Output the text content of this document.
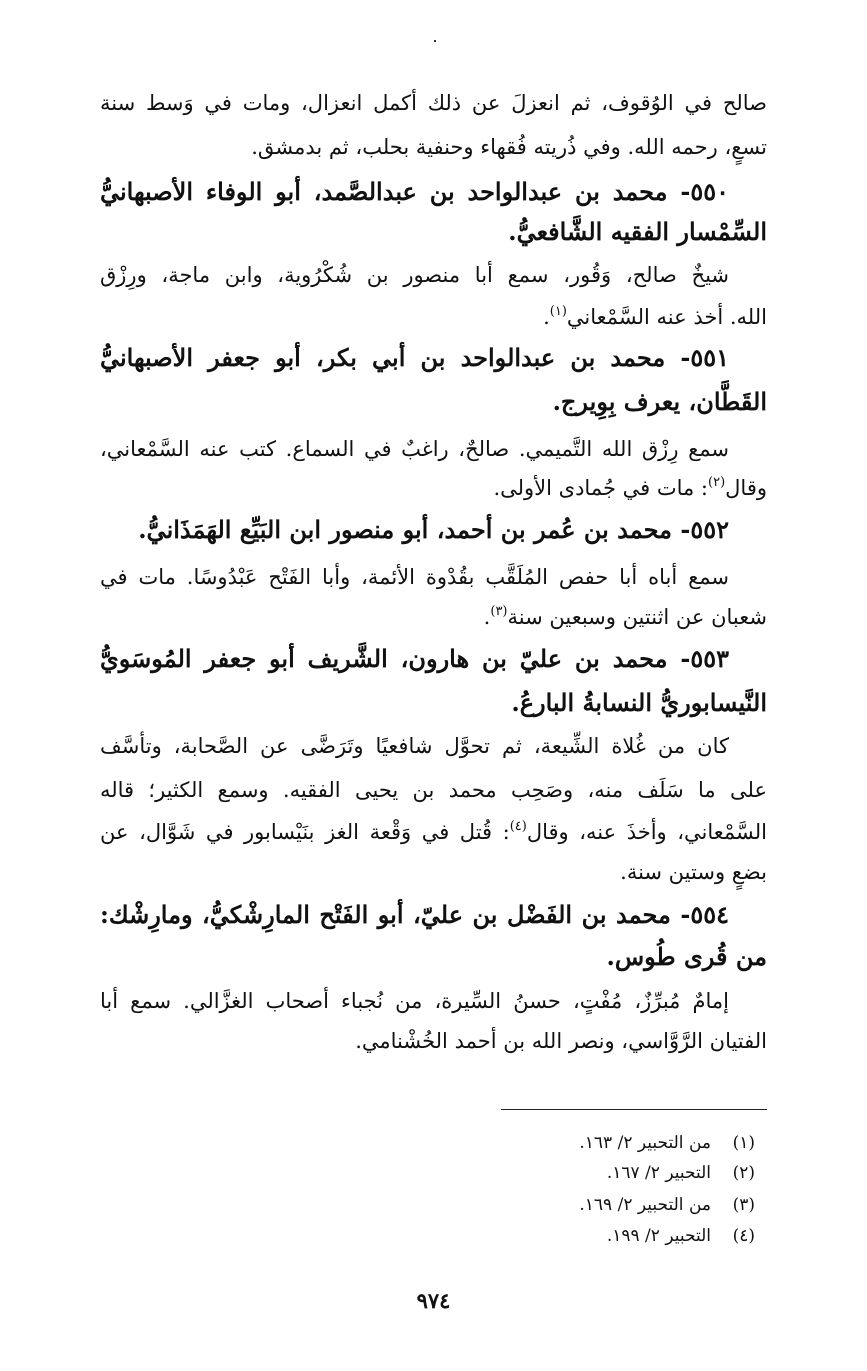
صالح في الوُقوف، ثم انعزلَ عن ذلك أكمل انعزال، ومات في وَسط سنة
تسعٍ، رحمه الله. وفي ذُريته فُقهاء وحنفية بحلب، ثم بدمشق.
٥٥٠- محمد بن عبدالواحد بن عبدالصَّمد، أبو الوفاء الأصبهانيُّ
السِّمْسار الفقيه الشَّافعيُّ.
شيخٌ صالح، وَقُور، سمع أبا منصور بن شُكْرُوية، وابن ماجة، ورِزْق
الله. أخذ عنه السَّمْعاني$^{(١)}$.
٥٥١- محمد بن عبدالواحد بن أبي بكر، أبو جعفر الأصبهانيُّ
القَطَّان، يعرف بِوِيرج.
سمع رِزْق الله التَّميمي. صالحٌ، راغبٌ في السماع. كتب عنه السَّمْعاني،
وقال$^{(٢)}$: مات في جُمادى الأولى.
٥٥٢- محمد بن عُمر بن أحمد، أبو منصور ابن البَيِّع الهَمَذَانيُّ.
سمع أباه أبا حفص المُلَقَّب بقُدْوة الأئمة، وأبا الفَتْح عَبْدُوسًا. مات في
شعبان عن اثنتين وسبعين سنة$^{(٣)}$.
٥٥٣- محمد بن عليّ بن هارون، الشَّريف أبو جعفر المُوسَويُّ
النَّيسابوريُّ النسابةُ البارعُ.
كان من غُلاة الشِّيعة، ثم تحوَّل شافعيًا وتَرَضَّى عن الصَّحابة، وتأسَّف
على ما سَلَف منه، وصَحِب محمد بن يحيى الفقيه. وسمع الكثير؛ قاله
السَّمْعاني، وأخذَ عنه، وقال$^{(٤)}$: قُتل في وَقْعة الغز بنَيْسابور في شَوَّال، عن
بضعٍ وستين سنة.
٥٥٤- محمد بن الفَضْل بن عليّ، أبو الفَتْح المارِشْكيُّ، ومارِشْك:
من قُرى طُوس.
إمامٌ مُبرِّزٌ، مُفْتٍ، حسنُ السِّيرة، من نُجباء أصحاب الغزَّالي. سمع أبا
الفتيان الرَّوَّاسي، ونصر الله بن أحمد الخُشْنامي.
(١)من التحبير ٢/ ١٦٣.
(٢)التحبير ٢/ ١٦٧.
(٣)من التحبير ٢/ ١٦٩.
(٤)التحبير ٢/ ١٩٩.
٩٧٤
